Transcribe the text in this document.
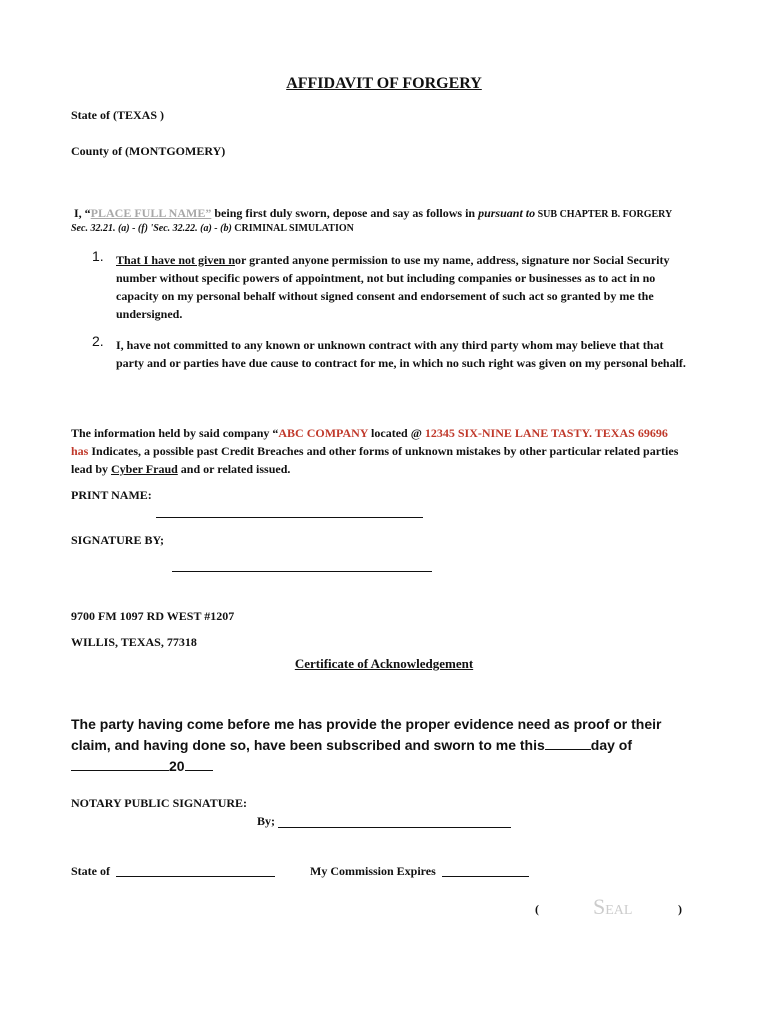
AFFIDAVIT OF FORGERY
State of (TEXAS )
County of (MONTGOMERY)
I, “PLACE FULL NAME” being first duly sworn, depose and say as follows in pursuant to SUB CHAPTER B. FORGERY
Sec. 32.21. (a) - (f) 'Sec. 32.22. (a) - (b) CRIMINAL SIMULATION
1. That I have not given nor granted anyone permission to use my name, address, signature nor Social Security number without specific powers of appointment, not but including companies or businesses as to act in no capacity on my personal behalf without signed consent and endorsement of such act so granted by me the undersigned.
2. I, have not committed to any known or unknown contract with any third party whom may believe that that party and or parties have due cause to contract for me, in which no such right was given on my personal behalf.
The information held by said company “ABC COMPANY located @ 12345 SIX-NINE LANE TASTY. TEXAS 69696 has Indicates, a possible past Credit Breaches and other forms of unknown mistakes by other particular related parties lead by Cyber Fraud and or related issued.
PRINT NAME:
SIGNATURE BY;
9700 FM 1097 RD WEST #1207
WILLIS, TEXAS, 77318
Certificate of Acknowledgement
The party having come before me has provide the proper evidence need as proof or their claim, and having done so, have been subscribed and sworn to me this	day of
20
NOTARY PUBLIC SIGNATURE:
By;
State of	My Commission Expires
( SEAL	)
